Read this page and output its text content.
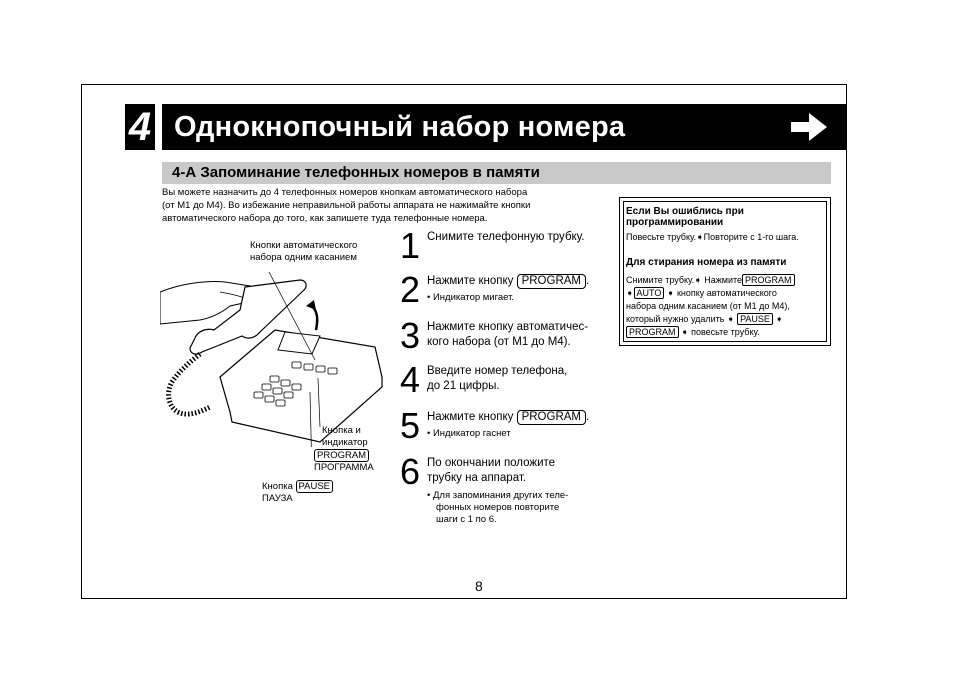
4 Однокнопочный набор номера
4-А Запоминание телефонных номеров в памяти
Вы можете назначить до 4 телефонных номеров кнопкам автоматического набора
(от M1 до M4). Во избежание неправильной работы аппарата не нажимайте кнопки
автоматического набора до того, как запишете туда телефонные номера.
Кнопки автоматического
набора одним касанием
Кнопка и
индикатор
PROGRAM
ПРОГРАММА
Кнопка PAUSE
ПАУЗА
1 Снимите телефонную трубку.
2 Нажмите кнопку PROGRAM .
• Индикатор мигает.
3 Нажмите кнопку автоматичес-
кого набора (от M1 до M4).
4 Введите номер телефона,
до 21 цифры.
5 Нажмите кнопку PROGRAM .
• Индикатор гаснет
6 По окончании положите
трубку на аппарат.
• Для запоминания других теле-
фонных номеров повторите
шаги с 1 по 6.
Если Вы ошиблись при
программировании
Повесьте трубку.➧Повторите с 1-го шага.
Для стирания номера из памяти
Снимите трубку.➧ Нажмите PROGRAM
➧ AUTO ➧ кнопку автоматического
набора одним касанием (от M1 до M4),
который нужно удалить ➧ PAUSE ➧
PROGRAM ➧ повесьте трубку.
8
